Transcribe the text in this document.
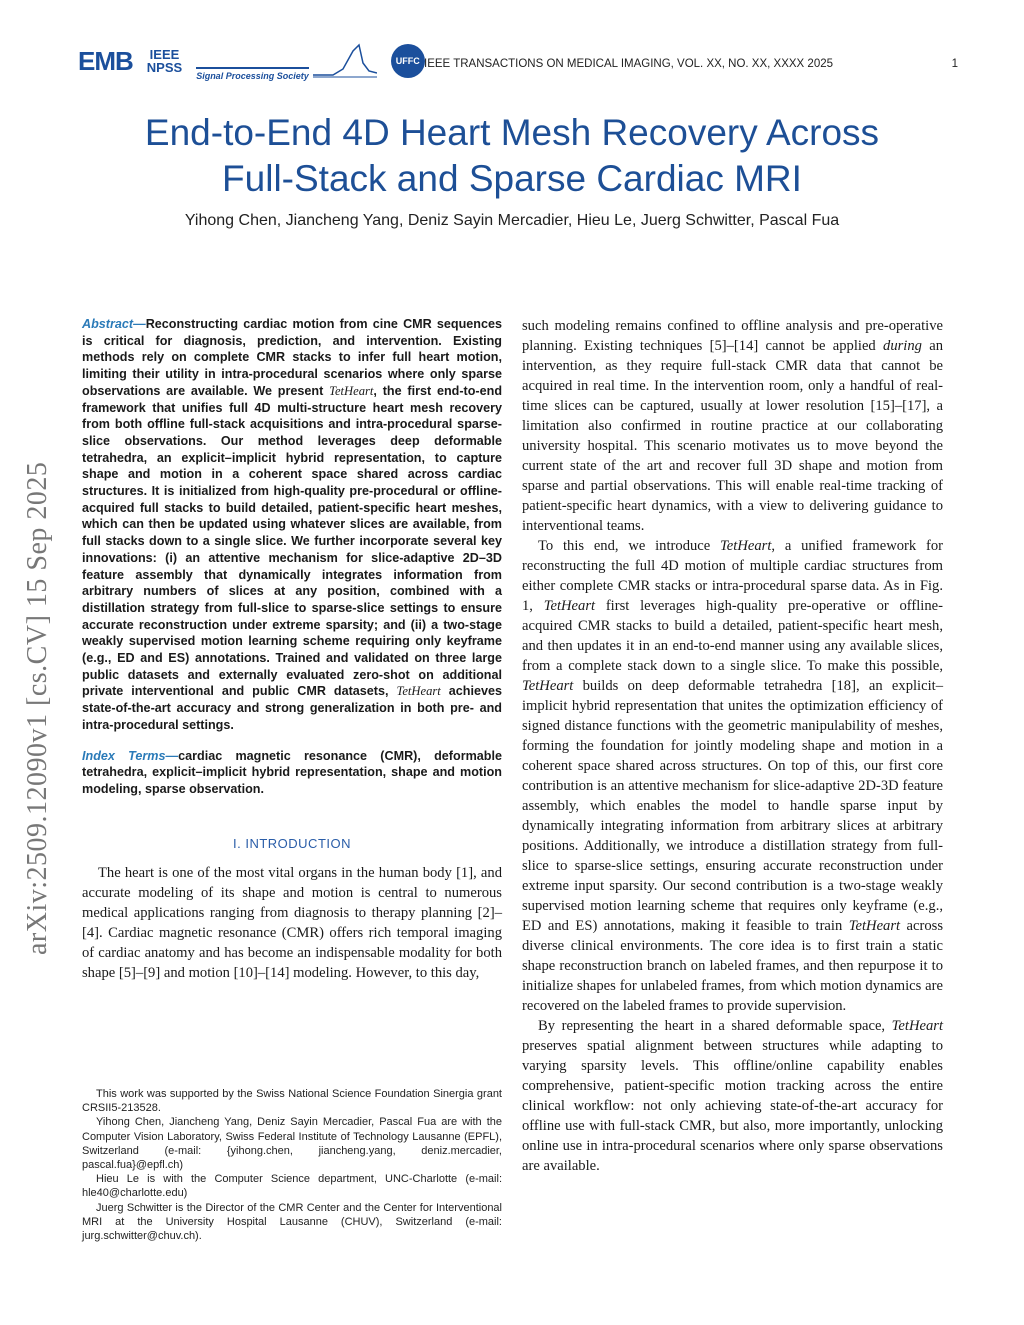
EMB IEEE
NPSS
Signal Processing Society
UFFC IEEE TRANSACTIONS ON MEDICAL IMAGING, VOL. XX, NO. XX, XXXX 2025	1
End-to-End 4D Heart Mesh Recovery Across
Full-Stack and Sparse Cardiac MRI
Yihong Chen, Jiancheng Yang, Deniz Sayin Mercadier, Hieu Le, Juerg Schwitter, Pascal Fua
arXiv:2509.12090v1 [cs.CV] 15 Sep 2025

Abstract—Reconstructing cardiac motion from cine CMR sequences is critical for diagnosis, prediction, and intervention. Existing methods rely on complete CMR stacks to infer full heart motion, limiting their utility in intra-procedural scenarios where only sparse observations are available. We present TetHeart, the first end-to-end framework that unifies full 4D multi-structure heart mesh recovery from both offline full-stack acquisitions and intra-procedural sparse-slice observations. Our method leverages deep deformable tetrahedra, an explicit–implicit hybrid representation, to capture shape and motion in a coherent space shared across cardiac structures. It is initialized from high-quality pre-procedural or offline-acquired full stacks to build detailed, patient-specific heart meshes, which can then be updated using whatever slices are available, from full stacks down to a single slice. We further incorporate several key innovations: (i) an attentive mechanism for slice-adaptive 2D–3D feature assembly that dynamically integrates information from arbitrary numbers of slices at any position, combined with a distillation strategy from full-slice to sparse-slice settings to ensure accurate reconstruction under extreme sparsity; and (ii) a two-stage weakly supervised motion learning scheme requiring only keyframe (e.g., ED and ES) annotations. Trained and validated on three large public datasets and externally evaluated zero-shot on additional private interventional and public CMR datasets, TetHeart achieves state-of-the-art accuracy and strong generalization in both pre- and intra-procedural settings.

Index Terms—cardiac magnetic resonance (CMR), deformable tetrahedra, explicit–implicit hybrid representation, shape and motion modeling, sparse observation.

I. INTRODUCTION

The heart is one of the most vital organs in the human body [1], and accurate modeling of its shape and motion is central to numerous medical applications ranging from diagnosis to therapy planning [2]–[4]. Cardiac magnetic resonance (CMR) offers rich temporal imaging of cardiac anatomy and has become an indispensable modality for both shape [5]–[9] and motion [10]–[14] modeling. However, to this day,

This work was supported by the Swiss National Science Foundation Sinergia grant CRSII5-213528.

Yihong Chen, Jiancheng Yang, Deniz Sayin Mercadier, Pascal Fua are with the Computer Vision Laboratory, Swiss Federal Institute of Technology Lausanne (EPFL), Switzerland (e-mail: {yihong.chen, jiancheng.yang, deniz.mercadier, pascal.fua}@epfl.ch)

Hieu Le is with the Computer Science department, UNC-Charlotte (e-mail: hle40@charlotte.edu)

Juerg Schwitter is the Director of the CMR Center and the Center for Interventional MRI at the University Hospital Lausanne (CHUV), Switzerland (e-mail: jurg.schwitter@chuv.ch).

such modeling remains confined to offline analysis and pre-operative planning. Existing techniques [5]–[14] cannot be applied during an intervention, as they require full-stack CMR data that cannot be acquired in real time. In the intervention room, only a handful of real-time slices can be captured, usually at lower resolution [15]–[17], a limitation also confirmed in routine practice at our collaborating university hospital. This scenario motivates us to move beyond the current state of the art and recover full 3D shape and motion from sparse and partial observations. This will enable real-time tracking of patient-specific heart dynamics, with a view to delivering guidance to interventional teams.

To this end, we introduce TetHeart, a unified framework for reconstructing the full 4D motion of multiple cardiac structures from either complete CMR stacks or intra-procedural sparse data. As in Fig. 1, TetHeart first leverages high-quality pre-operative or offline-acquired CMR stacks to build a detailed, patient-specific heart mesh, and then updates it in an end-to-end manner using any available slices, from a complete stack down to a single slice. To make this possible, TetHeart builds on deep deformable tetrahedra [18], an explicit–implicit hybrid representation that unites the optimization efficiency of signed distance functions with the geometric manipulability of meshes, forming the foundation for jointly modeling shape and motion in a coherent space shared across structures. On top of this, our first core contribution is an attentive mechanism for slice-adaptive 2D-3D feature assembly, which enables the model to handle sparse input by dynamically integrating information from arbitrary slices at arbitrary positions. Additionally, we introduce a distillation strategy from full-slice to sparse-slice settings, ensuring accurate reconstruction under extreme input sparsity. Our second contribution is a two-stage weakly supervised motion learning scheme that requires only keyframe (e.g., ED and ES) annotations, making it feasible to train TetHeart across diverse clinical environments. The core idea is to first train a static shape reconstruction branch on labeled frames, and then repurpose it to initialize shapes for unlabeled frames, from which motion dynamics are recovered on the labeled frames to provide supervision.

By representing the heart in a shared deformable space, TetHeart preserves spatial alignment between structures while adapting to varying sparsity levels. This offline/online capability enables comprehensive, patient-specific motion tracking across the entire clinical workflow: not only achieving state-of-the-art accuracy for offline use with full-stack CMR, but also, more importantly, unlocking online use in intra-procedural scenarios where only sparse observations are available.
